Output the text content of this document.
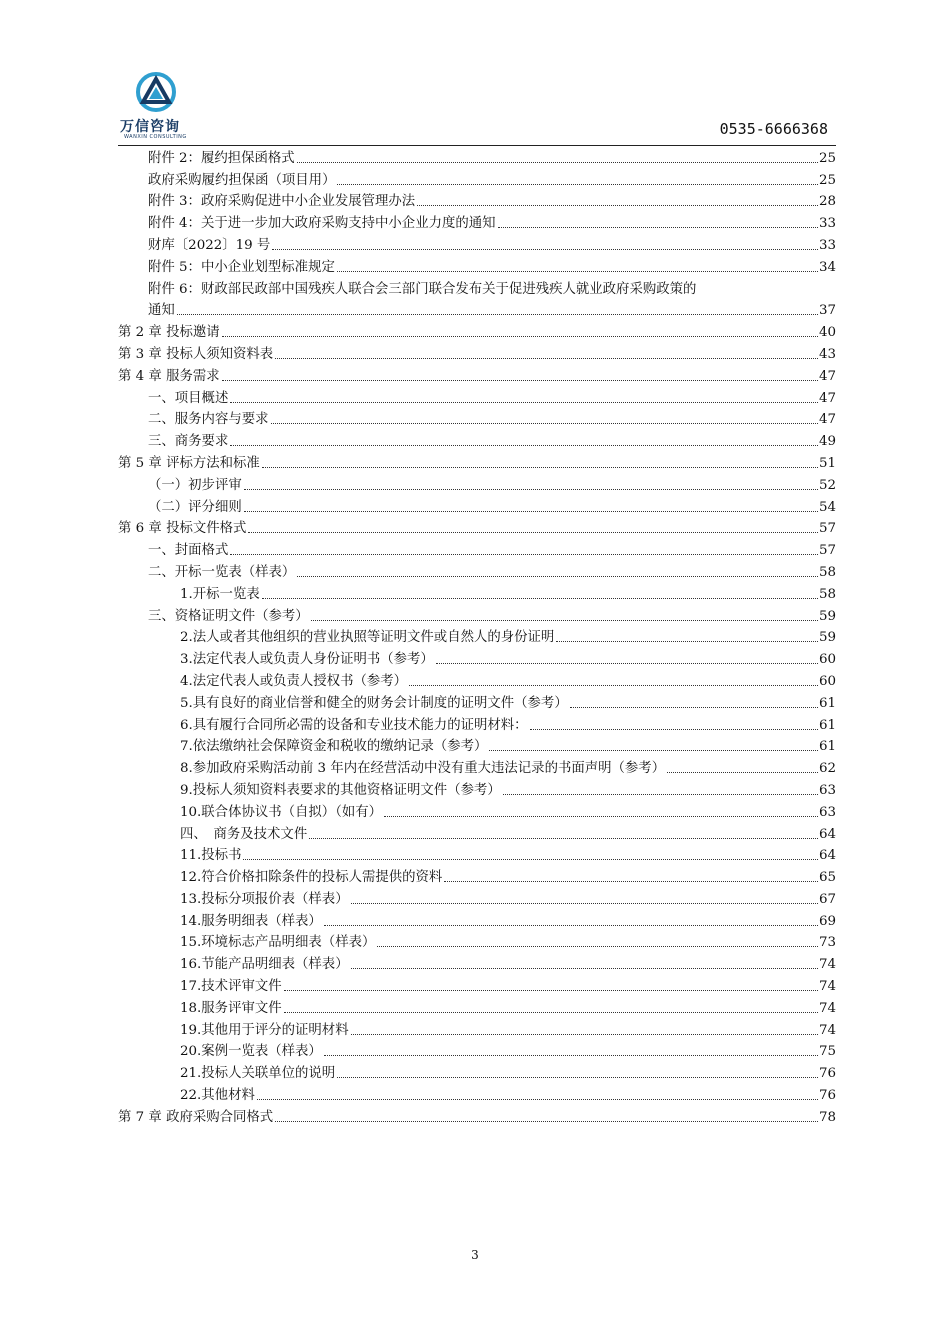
万信咨询
WANXIN CONSULTING	0535-6666368
附件 2：履约担保函格式	25
政府采购履约担保函（项目用）	25
附件 3：政府采购促进中小企业发展管理办法	28
附件 4：关于进一步加大政府采购支持中小企业力度的通知	33
财库〔2022〕19 号	33
附件 5：中小企业划型标准规定	34
附件 6：财政部民政部中国残疾人联合会三部门联合发布关于促进残疾人就业政府采购政策的
通知	37
第 2 章 投标邀请	40
第 3 章 投标人须知资料表	43
第 4 章 服务需求	47
一、项目概述	47
二、服务内容与要求	47
三、商务要求	49
第 5 章 评标方法和标准	51
（一）初步评审	52
（二）评分细则	54
第 6 章 投标文件格式	57
一、封面格式	57
二、开标一览表（样表）	58
1.开标一览表	58
三、资格证明文件（参考）	59
2.法人或者其他组织的营业执照等证明文件或自然人的身份证明	59
3.法定代表人或负责人身份证明书（参考）	60
4.法定代表人或负责人授权书（参考）	60
5.具有良好的商业信誉和健全的财务会计制度的证明文件（参考）	61
6.具有履行合同所必需的设备和专业技术能力的证明材料：	61
7.依法缴纳社会保障资金和税收的缴纳记录（参考）	61
8.参加政府采购活动前 3 年内在经营活动中没有重大违法记录的书面声明（参考）	62
9.投标人须知资料表要求的其他资格证明文件（参考）	63
10.联合体协议书（自拟）（如有）	63
四、　商务及技术文件	64
11.投标书	64
12.符合价格扣除条件的投标人需提供的资料	65
13.投标分项报价表（样表）	67
14.服务明细表（样表）	69
15.环境标志产品明细表（样表）	73
16.节能产品明细表（样表）	74
17.技术评审文件	74
18.服务评审文件	74
19.其他用于评分的证明材料	74
20.案例一览表（样表）	75
21.投标人关联单位的说明	76
22.其他材料	76
第 7 章 政府采购合同格式	78
3
